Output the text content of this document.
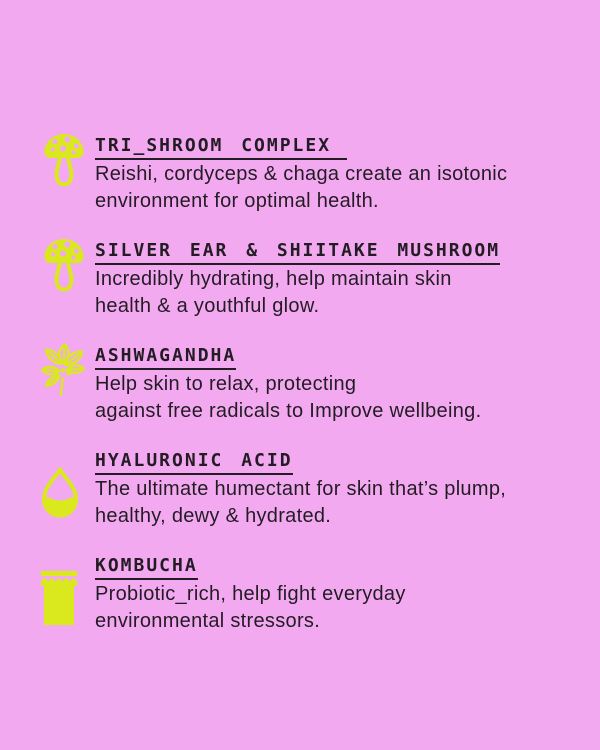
TRI_SHROOM COMPLEX

Reishi, cordyceps & chaga create an isotonic

environment for optimal health.

SILVER EAR & SHIITAKE MUSHROOM

Incredibly hydrating, help maintain skin

health & a youthful glow.

ASHWAGANDHA

Help skin to relax, protecting

against free radicals to Improve wellbeing.

HYALURONIC ACID

The ultimate humectant for skin that’s plump,

healthy, dewy & hydrated.

KOMBUCHA

Probiotic_rich, help fight everyday

environmental stressors.
